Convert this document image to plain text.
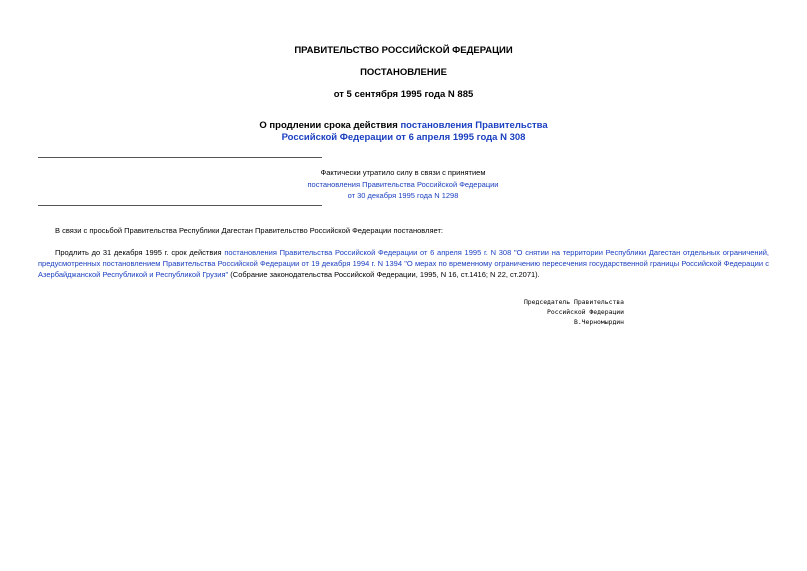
ПРАВИТЕЛЬСТВО РОССИЙСКОЙ ФЕДЕРАЦИИ
ПОСТАНОВЛЕНИЕ
от 5 сентября 1995 года N 885
О продлении срока действия постановления Правительства
Российской Федерации от 6 апреля 1995 года N 308
Фактически утратило силу в связи с принятием
постановления Правительства Российской Федерации
от 30 декабря 1995 года N 1298
В связи с просьбой Правительства Республики Дагестан Правительство Российской Федерации постановляет:
Продлить до 31 декабря 1995 г. срок действия постановления Правительства Российской Федерации от 6 апреля 1995 г. N 308 "О снятии на территории Республики Дагестан отдельных ограничений, предусмотренных постановлением Правительства Российской Федерации от 19 декабря 1994 г. N 1394 "О мерах по временному ограничению пересечения государственной границы Российской Федерации с Азербайджанской Республикой и Республикой Грузия" (Собрание законодательства Российской Федерации, 1995, N 16, ст.1416; N 22, ст.2071).
Председатель Правительства
Российской Федерации
В.Черномырдин
